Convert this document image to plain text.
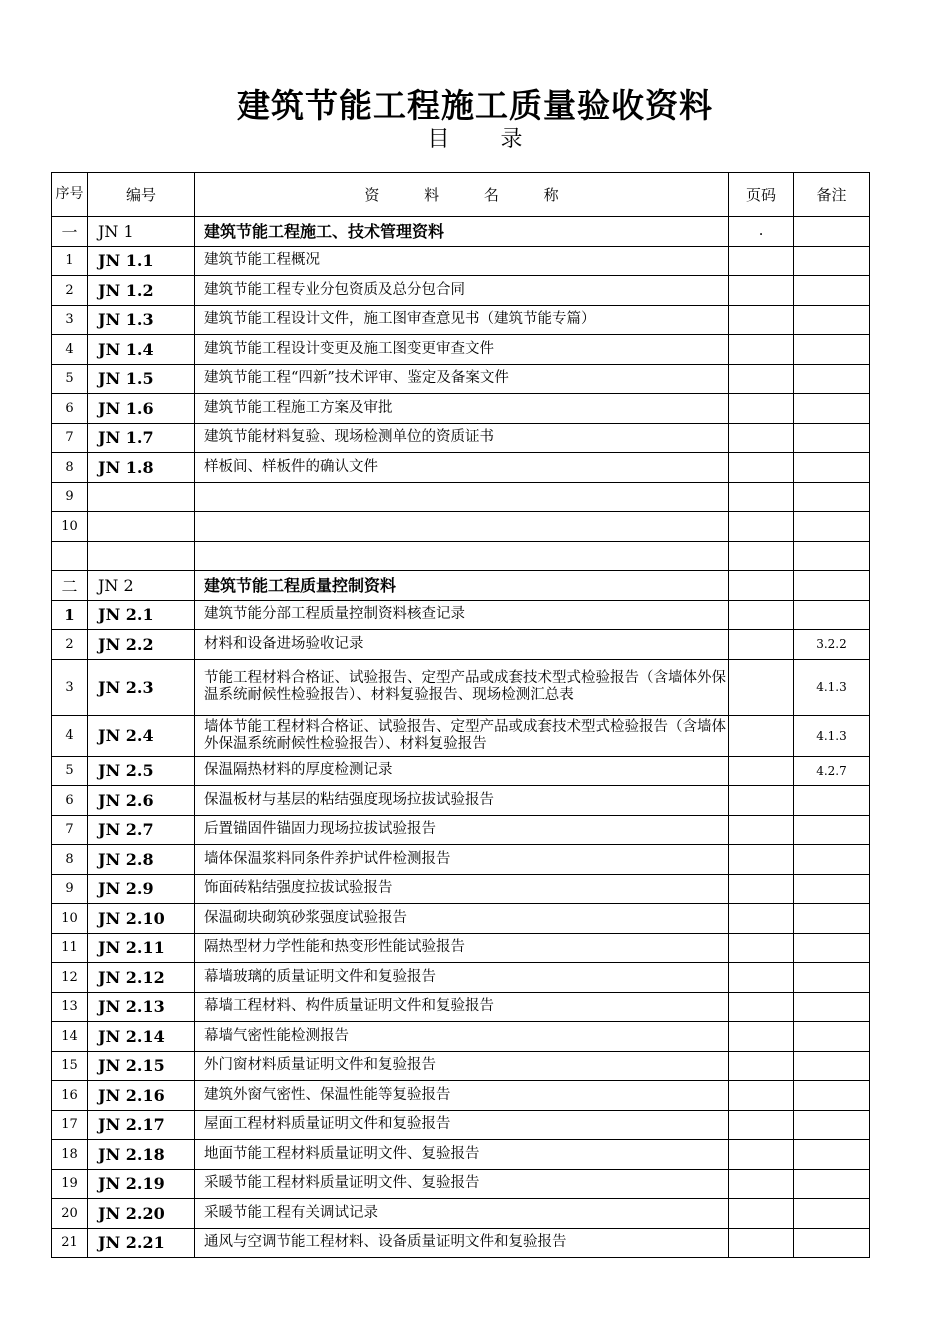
建筑节能工程施工质量验收资料
目 录
序号	编号	资 料 名 称	页码	备注
一	JN 1	建筑节能工程施工、技术管理资料	.	
1	JN 1.1	建筑节能工程概况		
2	JN 1.2	建筑节能工程专业分包资质及总分包合同		
3	JN 1.3	建筑节能工程设计文件，施工图审查意见书（建筑节能专篇）		
4	JN 1.4	建筑节能工程设计变更及施工图变更审查文件		
5	JN 1.5	建筑节能工程“四新”技术评审、鉴定及备案文件		
6	JN 1.6	建筑节能工程施工方案及审批		
7	JN 1.7	建筑节能材料复验、现场检测单位的资质证书		
8	JN 1.8	样板间、样板件的确认文件		
9				
10				

二	JN 2	建筑节能工程质量控制资料		
1	JN 2.1	建筑节能分部工程质量控制资料核查记录		
2	JN 2.2	材料和设备进场验收记录		3.2.2
3	JN 2.3	节能工程材料合格证、试验报告、定型产品或成套技术型式检验报告（含墙体外保温系统耐候性检验报告）、材料复验报告、现场检测汇总表		4.1.3
4	JN 2.4	墙体节能工程材料合格证、试验报告、定型产品或成套技术型式检验报告（含墙体外保温系统耐候性检验报告）、材料复验报告		4.1.3
5	JN 2.5	保温隔热材料的厚度检测记录		4.2.7
6	JN 2.6	保温板材与基层的粘结强度现场拉拔试验报告		
7	JN 2.7	后置锚固件锚固力现场拉拔试验报告		
8	JN 2.8	墙体保温浆料同条件养护试件检测报告		
9	JN 2.9	饰面砖粘结强度拉拔试验报告		
10	JN 2.10	保温砌块砌筑砂浆强度试验报告		
11	JN 2.11	隔热型材力学性能和热变形性能试验报告		
12	JN 2.12	幕墙玻璃的质量证明文件和复验报告		
13	JN 2.13	幕墙工程材料、构件质量证明文件和复验报告		
14	JN 2.14	幕墙气密性能检测报告		
15	JN 2.15	外门窗材料质量证明文件和复验报告		
16	JN 2.16	建筑外窗气密性、保温性能等复验报告		
17	JN 2.17	屋面工程材料质量证明文件和复验报告		
18	JN 2.18	地面节能工程材料质量证明文件、复验报告		
19	JN 2.19	采暖节能工程材料质量证明文件、复验报告		
20	JN 2.20	采暖节能工程有关调试记录		
21	JN 2.21	通风与空调节能工程材料、设备质量证明文件和复验报告		
